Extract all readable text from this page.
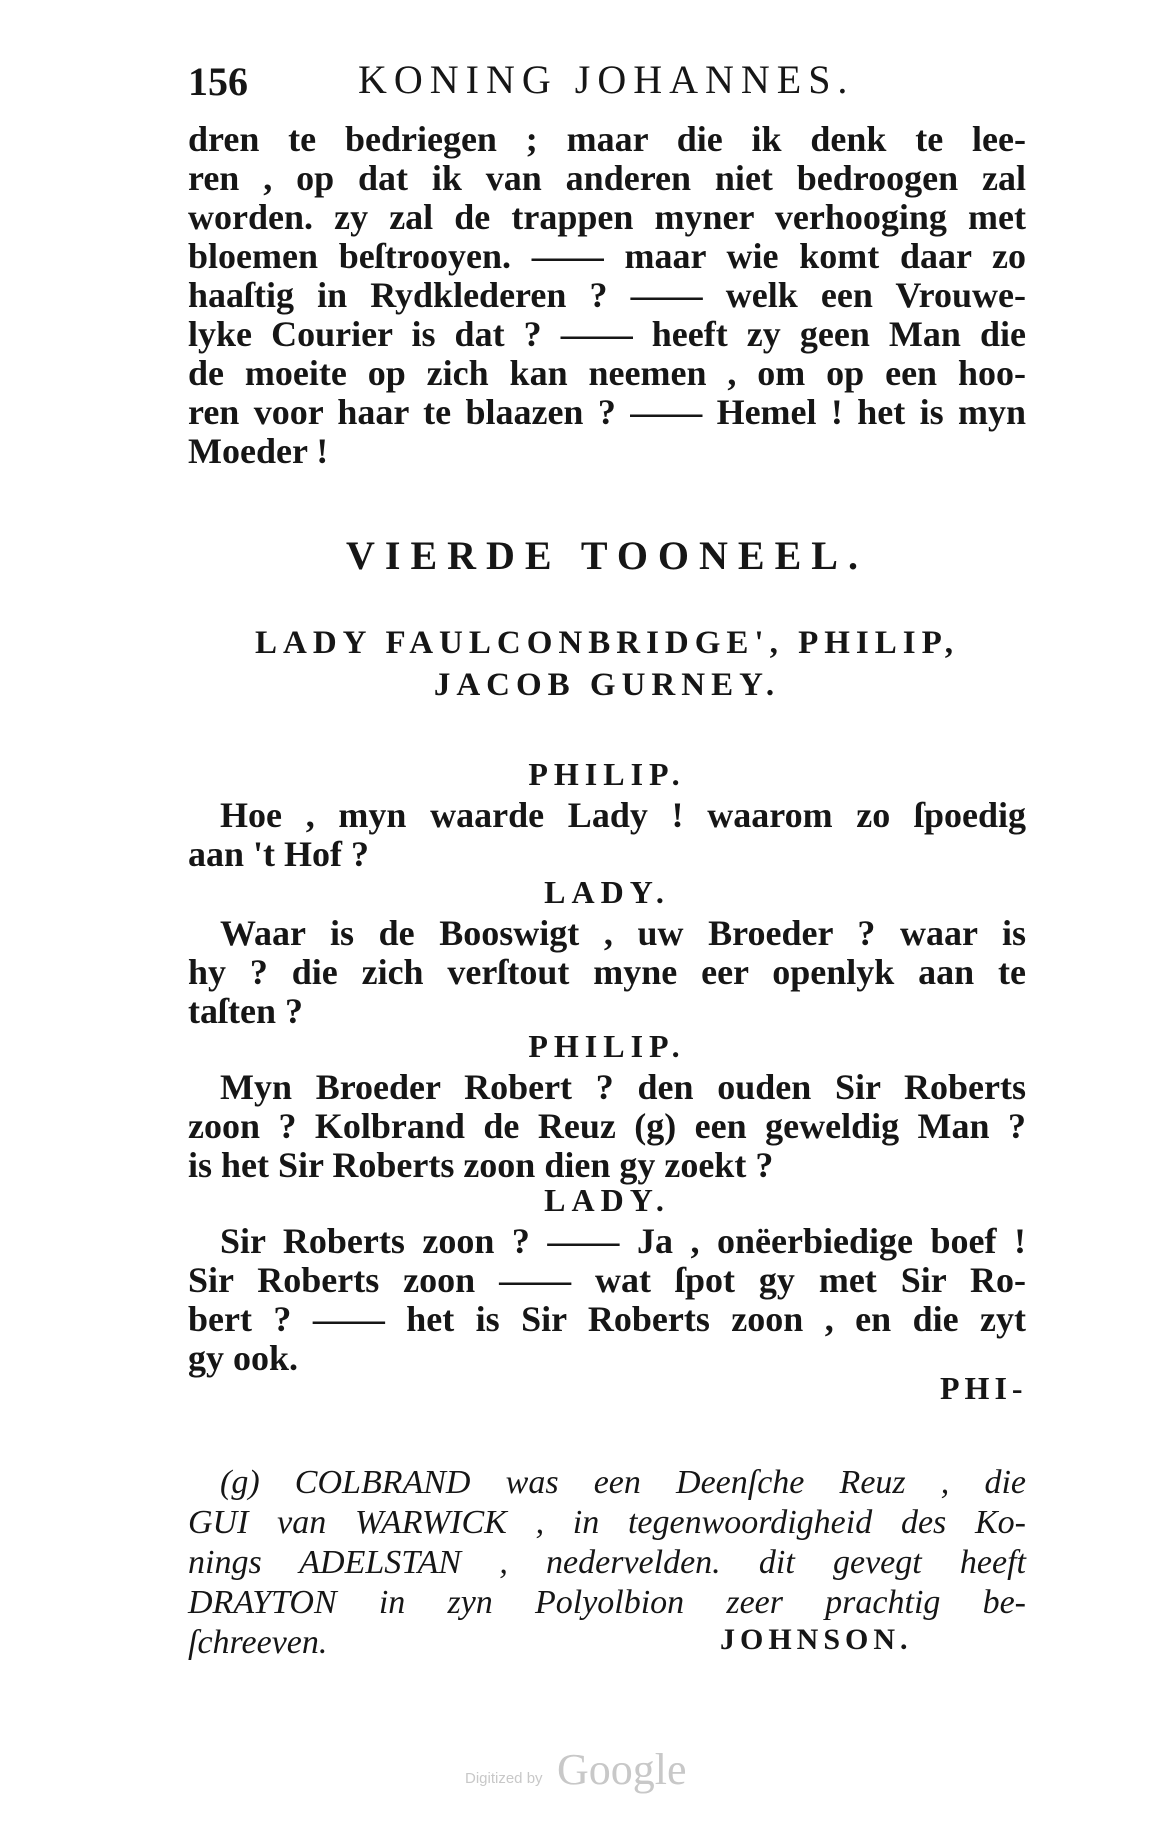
156	KONING JOHANNES.
dren te bedriegen ; maar die ik denk te lee-
ren , op dat ik van anderen niet bedroogen zal
worden. zy zal de trappen myner verhooging met
bloemen beſtrooyen. —— maar wie komt daar zo
haaſtig in Rydklederen ? —— welk een Vrouwe-
lyke Courier is dat ? —— heeft zy geen Man die
de moeite op zich kan neemen , om op een hoo-
ren voor haar te blaazen ? —— Hemel ! het is myn
Moeder !
VIERDE TOONEEL.
LADY FAULCONBRIDGE', PHILIP,
JACOB GURNEY.
PHILIP.
Hoe , myn waarde Lady ! waarom zo ſpoedig
aan 't Hof ?
LADY.
Waar is de Booswigt , uw Broeder ? waar is
hy ? die zich verſtout myne eer openlyk aan te
taſten ?
PHILIP.
Myn Broeder Robert ? den ouden Sir Roberts
zoon ? Kolbrand de Reuz (g) een geweldig Man ?
is het Sir Roberts zoon dien gy zoekt ?
LADY.
Sir Roberts zoon ? —— Ja , onëerbiedige boef !
Sir Roberts zoon —— wat ſpot gy met Sir Ro-
bert ? —— het is Sir Roberts zoon , en die zyt
gy ook.
PHI-
(g) COLBRAND was een Deenſche Reuz , die
GUI van WARWICK , in tegenwoordigheid des Ko-
nings ADELSTAN , nedervelden. dit gevegt heeft
DRAYTON in zyn Polyolbion zeer prachtig be-
ſchreeven.	JOHNSON.
Digitized by Google
